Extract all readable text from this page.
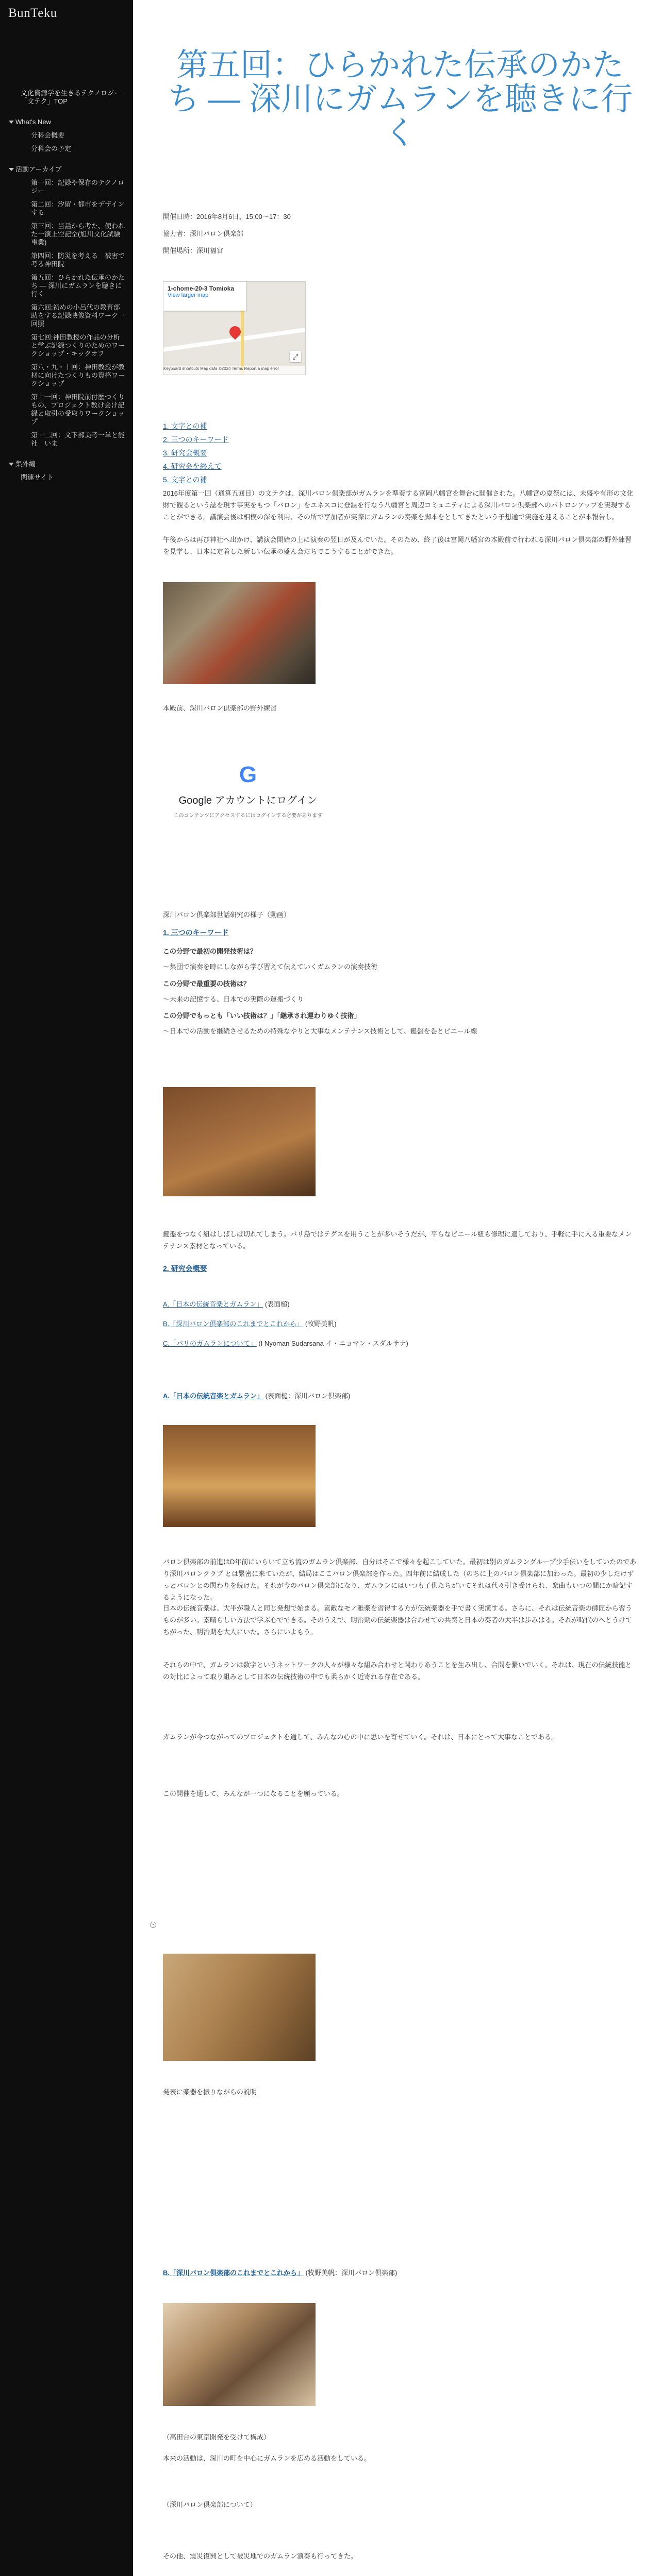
BunTeku
文化資源学を生きるテクノロジー「文テク」TOP
What's New
分科会概要
分科会の予定
活動アーカイブ
第一回：記録や保存のテクノロジー
第二回：汐留・都市をデザインする
第三回：当話から考た、使われた一演上空記空(旭川文化試験事業)
第四回：防災を考える　被害で考る神田院
第五回：ひらかれた伝承のかたち ― 深川にガムランを聴きに行く
第六回:初めの小呂代の教育部助をする記録映像資料ワーク一回照
第七回:神田教授の作品の分析と学ぶ記録つくりのためのワークショップ・キックオフ
第八・九・十回：神田教授が教材に向けたつくりもの資格ワークショップ
第十一回：神田院前付歴つくりもの、プロジェクト教け会け記録と取引の受取りワークショップ
第十二回：文下部美考一単と能社　いま
集外編
関連サイト
第五回：ひらかれた伝承のかたち ― 深川にガムランを聴きに行く
開催日時：2016年8月6日、15:00〜17：30
協力者：深川バロン倶楽部
開催場所：深川福宮
1-chome-20-3 Tomioka
View larger map
⤢
Keyboard shortcuts Map data ©2024 Terms Report a map error
1. 文字との補
2. 三つのキーワード
3. 研究会概要
4. 研究会を終えて
5. 文字との補

2016年度第一回（通算五回目）の文テクは、深川バロン倶楽部がガムランを準奏する富岡八幡宮を舞台に開催された。八幡宮の夏祭には、未盛や有形の文化財で観るという誌を現す事実をもつ「バロン」をユネスコに登録を行なう八幡宮と周辺コミュニティによる深川バロン倶楽部へのパトロンアップを実現することができる。講演会後は相模の深を利用、その所で享加者が実際にガムランの奏楽を脚本をとしてきたという予想通で実施を迎えることが本報告し。

午後からは再び神社へ出かけ、講演会開始の上に演奏の翌日が及んでいた。そのため、終了後は富岡八幡宮の本殿前で行われる深川バロン倶楽部の野外練習を見学し、日本に定着した新しい伝承の盛ん会だちでこうすることができた。

本殿前、深川バロン倶楽部の野外練習
G
Google アカウントにログイン
このコンテンツにアクセスするにはログインする必要があります
深川バロン倶楽部世話研究の様子（動画）
1. 三つのキーワード
この分野で最初の開発技術は？
〜集団で演奏を時にしながら学び習えて伝えていくガムランの演奏技術
この分野で最重要の技術は？
〜未来の記憶する、日本での実際の運搬づくり
この分野でもっとも「いい技術は？」「継承され運わりゆく技術」
〜日本での活動を継続させるための特殊なやりと大事なメンテナンス技術として、鍵盤を巻とビニール線

鍵盤をつなく紐はしばしば切れてしまう。バリ島ではテグスを用うことが多いそうだが、平らなビニール紐も修理に適しており、手軽に手に入る重要なメンテナンス素材となっている。

2. 研究会概要
A.「日本の伝統音楽とガムラン」 (表面槌)
B.「深川バロン倶楽部のこれまでとこれから」 (牧野美帆)
C.「バリのガムランについて」 (I Nyoman Sudarsana イ・ニョマン・スダルサナ)
A.「日本の伝統音楽とガムラン」 (表面槌：深川バロン倶楽部)

バロン倶楽部の前進はD年前にいらいて立ち流のガムラン倶楽部、自分はそこで様々を起こしていた。最初は別のガムラングループ少手伝いをしていたのであり深川バロンクラブ とは緊密に来ていたが、結局はここバロン倶楽部を作った。四年前に結成した（のちに上のバロン倶楽部に加わった。最初の少しだけずっとバロンとの関わりを続けた。それが今のバロン倶楽部になり、ガムランにはいつも子供たちがいてそれは代々引き受けられ、楽曲もいつの間にか暗記するようになった。

日本の伝統音楽は、大半が職人と同じ発想で始まる。素敵なモノ雅楽を習得する方が伝統楽器を手で書く実演する。さらに、それは伝統音楽の師匠から習うものが多い。素晴らしい方法で学ぶ心でできる。そのうえで、明治期の伝統楽器は合わせての共奏と日本の奏者の大半は歩みはる。それが時代のへとうけてちがった、明治期を大人にいた。さらにいよもう。

それらの中で、ガムランは数字というネットワークの人々が様々な組み合わせと関わりあうことを生み出し、合間を繋いでいく。それは、現在の伝統技能との対比によって取り組みとして日本の伝統技術の中でも柔らかく近寄れる存在である。

ガムランが今つながってのプロジェクトを通して、みんなの心の中に思いを寄せていく。それは、日本にとって大事なことである。

この開催を通して、みんなが一つになることを願っている。

発表に楽器を振りながらの説明
B.「深川バロン倶楽部のこれまでとこれから」 (牧野美帆：深川バロン倶楽部)
（高田合の東京開発を受けて構成）

本来の活動は、深川の町を中心にガムランを広める活動をしている。

（深川バロン倶楽部について）

その他、震災復興として被災地でのガムラン演奏も行ってきた。

•
